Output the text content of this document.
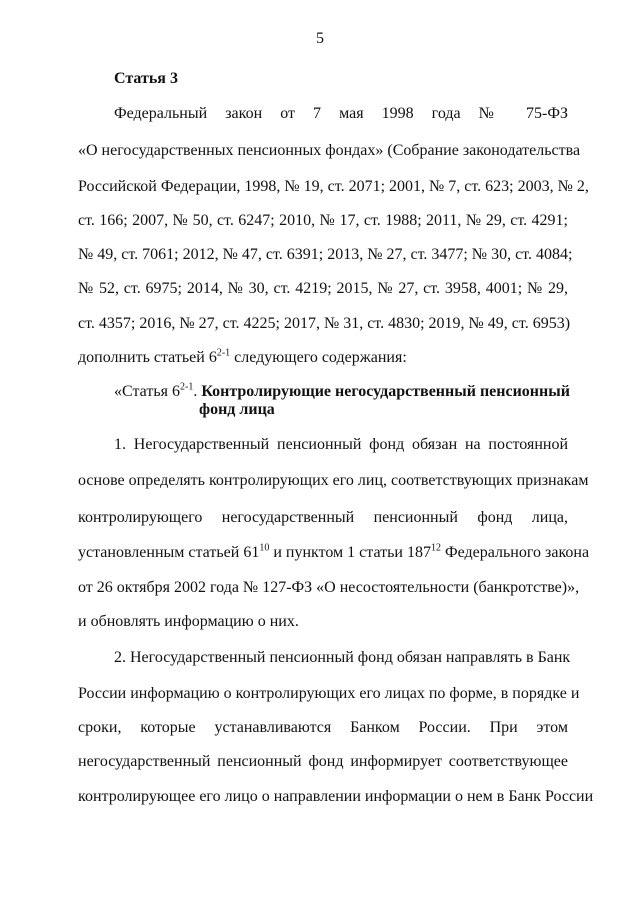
5
Статья 3
Федеральный закон от 7 мая 1998 года № 75-ФЗ
«О негосударственных пенсионных фондах» (Собрание законодательства
Российской Федерации, 1998, № 19, ст. 2071; 2001, № 7, ст. 623; 2003, № 2,
ст. 166; 2007, № 50, ст. 6247; 2010, № 17, ст. 1988; 2011, № 29, ст. 4291;
№ 49, ст. 7061; 2012, № 47, ст. 6391; 2013, № 27, ст. 3477; № 30, ст. 4084;
№ 52, ст. 6975; 2014, № 30, ст. 4219; 2015, № 27, ст. 3958, 4001; № 29,
ст. 4357; 2016, № 27, ст. 4225; 2017, № 31, ст. 4830; 2019, № 49, ст. 6953)
дополнить статьей 6$^{2-1}$ следующего содержания:
«Статья 6$^{2-1}$. Контролирующие негосударственный пенсионный
фонд лица
1. Негосударственный пенсионный фонд обязан на постоянной
основе определять контролирующих его лиц, соответствующих признакам
контролирующего негосударственный пенсионный фонд лица,
установленным статьей $61^{10}$ и пунктом 1 статьи $187^{12}$ Федерального закона
от 26 октября 2002 года № 127-ФЗ «О несостоятельности (банкротстве)»,
и обновлять информацию о них.
2. Негосударственный пенсионный фонд обязан направлять в Банк
России информацию о контролирующих его лицах по форме, в порядке и
сроки, которые устанавливаются Банком России. При этом
негосударственный пенсионный фонд информирует соответствующее
контролирующее его лицо о направлении информации о нем в Банк России
